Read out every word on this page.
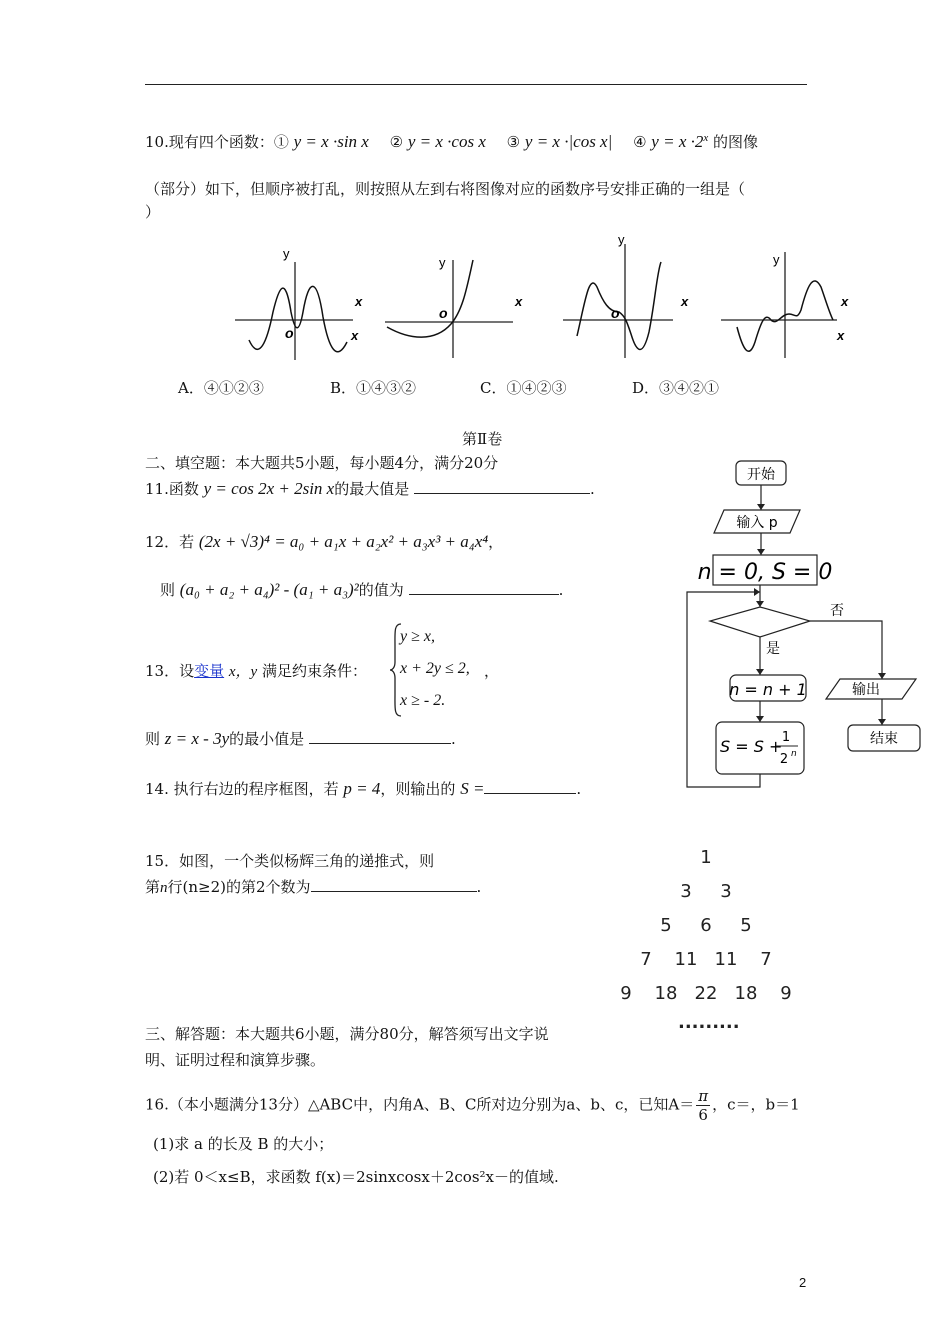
10.现有四个函数：① y = x ·sin x ② y = x ·cos x ③ y = x ·|cos x| ④ $y = x \cdot 2^x$ 的图像
（部分）如下，但顺序被打乱，则按照从左到右将图像对应的函数序号安排正确的一组是（
）
y
x
x
o
y
x
o
y
x
o
y
x
x
A．④①②③	B．①④③②	C．①④②③	D．③④②①
第Ⅱ卷
二、填空题：本大题共5小题，每小题4分，满分20分
11.函数 y = cos 2x + 2sin x的最大值是	.
12．若 (2x + √3)⁴ = a₀ + a₁x + a₂x² + a₃x³ + a₄x⁴，
则 (a₀ + a₂ + a₄)² - (a₁ + a₃)²的值为	.
13．设变量 x，y 满足约束条件：
y ≥ x,
x + 2y ≤ 2, ，
x ≥ - 2.
则 z = x - 3y的最小值是	.
14. 执行右边的程序框图，若 p = 4，则输出的 S =	.
开始
输入 p
n = 0, S = 0
否
是
n = n + 1
S = S + 1
2 n
输出
结束
15．如图，一个类似杨辉三角的递推式，则
第n行(n≥2)的第2个数为	.
1
3 3
5 6 5
7 11 11 7
9 18 22 18 9
.........
三、解答题：本大题共6小题，满分80分，解答须写出文字说
明、证明过程和演算步骤。
16.（本小题满分13分）△ABC中，内角A、B、C所对边分别为a、b、c，已知$A= \frac{\pi}{6}$ ，c＝，b＝1
(1)求 a 的长及 B 的大小；
(2)若 0＜x≤B，求函数 f(x)＝2sinxcosx＋2cos²x－的值域.
2
